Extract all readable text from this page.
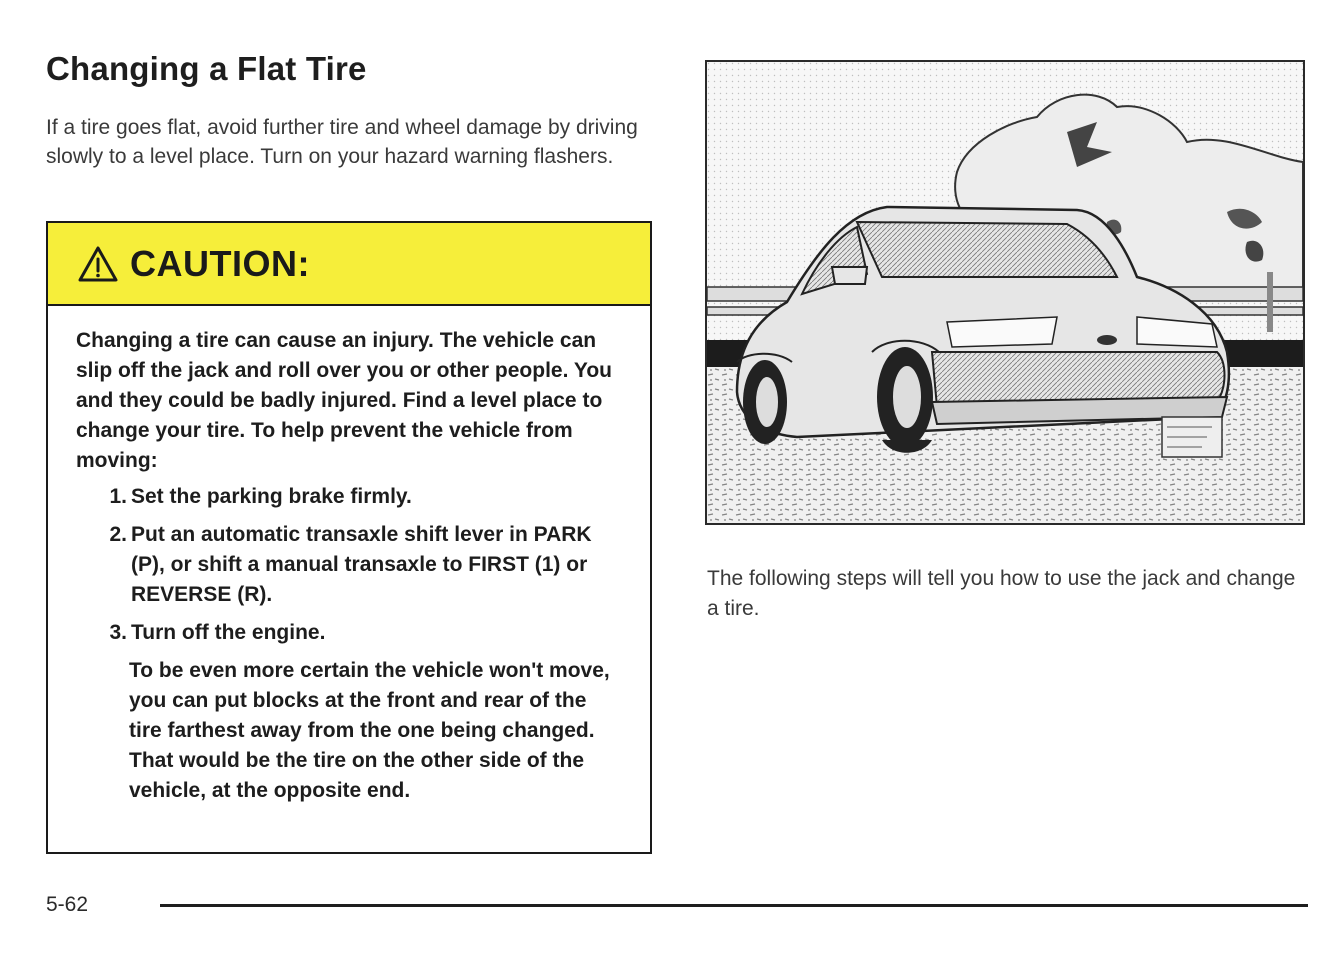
Changing a Flat Tire

If a tire goes flat, avoid further tire and wheel damage by driving slowly to a level place. Turn on your hazard warning flashers.

CAUTION:

Changing a tire can cause an injury. The vehicle can slip off the jack and roll over you or other people. You and they could be badly injured. Find a level place to change your tire. To help prevent the vehicle from moving:

1. Set the parking brake firmly.
2. Put an automatic transaxle shift lever in PARK (P), or shift a manual transaxle to FIRST (1) or REVERSE (R).
3. Turn off the engine.

To be even more certain the vehicle won't move, you can put blocks at the front and rear of the tire farthest away from the one being changed. That would be the tire on the other side of the vehicle, at the opposite end.

The following steps will tell you how to use the jack and change a tire.

5-62
